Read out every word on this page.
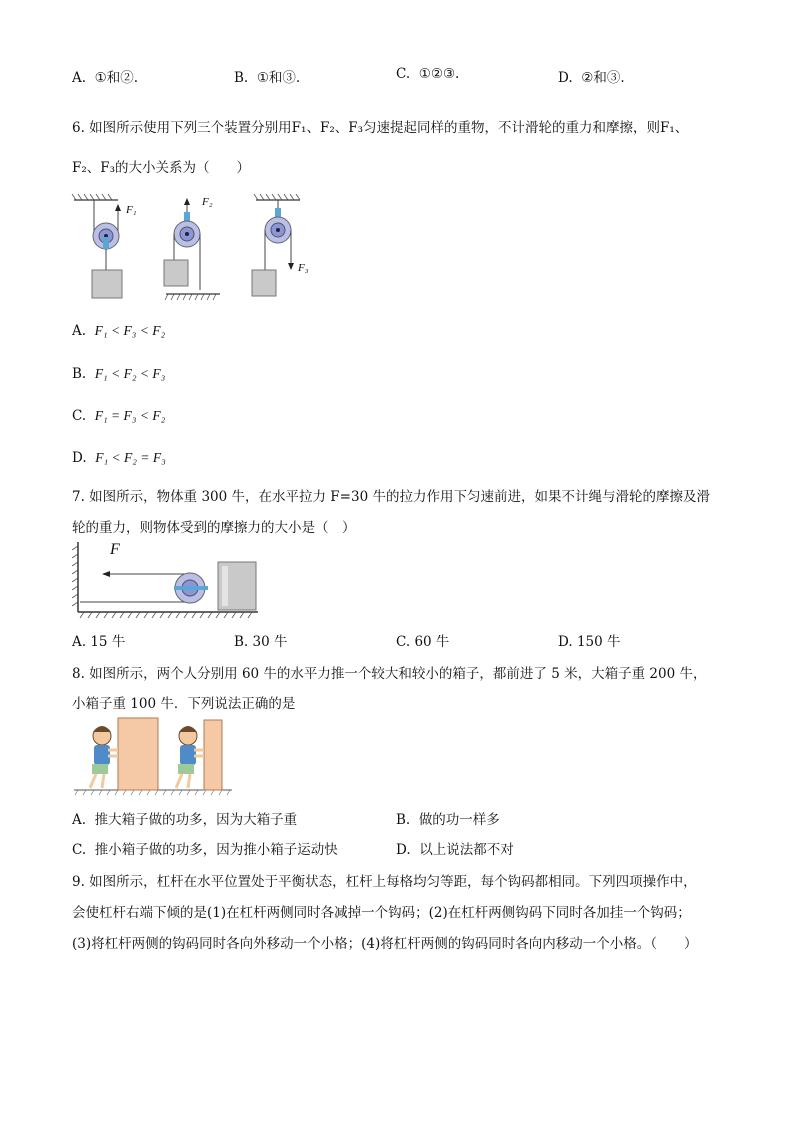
A. ①和②.	B. ①和③.	C. ①②③.	D. ②和③.
6. 如图所示使用下列三个装置分别用F₁、F₂、F₃匀速提起同样的重物，不计滑轮的重力和摩擦，则F₁、
F₂、F₃的大小关系为（　　）
F₁
F₂
F₃
A. F₁ < F₃ < F₂
B. F₁ < F₂ < F₃
C. F₁ = F₃ < F₂
D. F₁ < F₂ = F₃
7. 如图所示，物体重 300 牛，在水平拉力 F=30 牛的拉力作用下匀速前进，如果不计绳与滑轮的摩擦及滑
轮的重力，则物体受到的摩擦力的大小是（　）
F
A. 15 牛	B. 30 牛	C. 60 牛	D. 150 牛
8. 如图所示，两个人分别用 60 牛的水平力推一个较大和较小的箱子，都前进了 5 米，大箱子重 200 牛，
小箱子重 100 牛．下列说法正确的是
A. 推大箱子做的功多，因为大箱子重	B. 做的功一样多
C. 推小箱子做的功多，因为推小箱子运动快	D. 以上说法都不对
9. 如图所示，杠杆在水平位置处于平衡状态，杠杆上每格均匀等距，每个钩码都相同。下列四项操作中，
会使杠杆右端下倾的是(1)在杠杆两侧同时各减掉一个钩码；(2)在杠杆两侧钩码下同时各加挂一个钩码；
(3)将杠杆两侧的钩码同时各向外移动一个小格；(4)将杠杆两侧的钩码同时各向内移动一个小格。（　　）
